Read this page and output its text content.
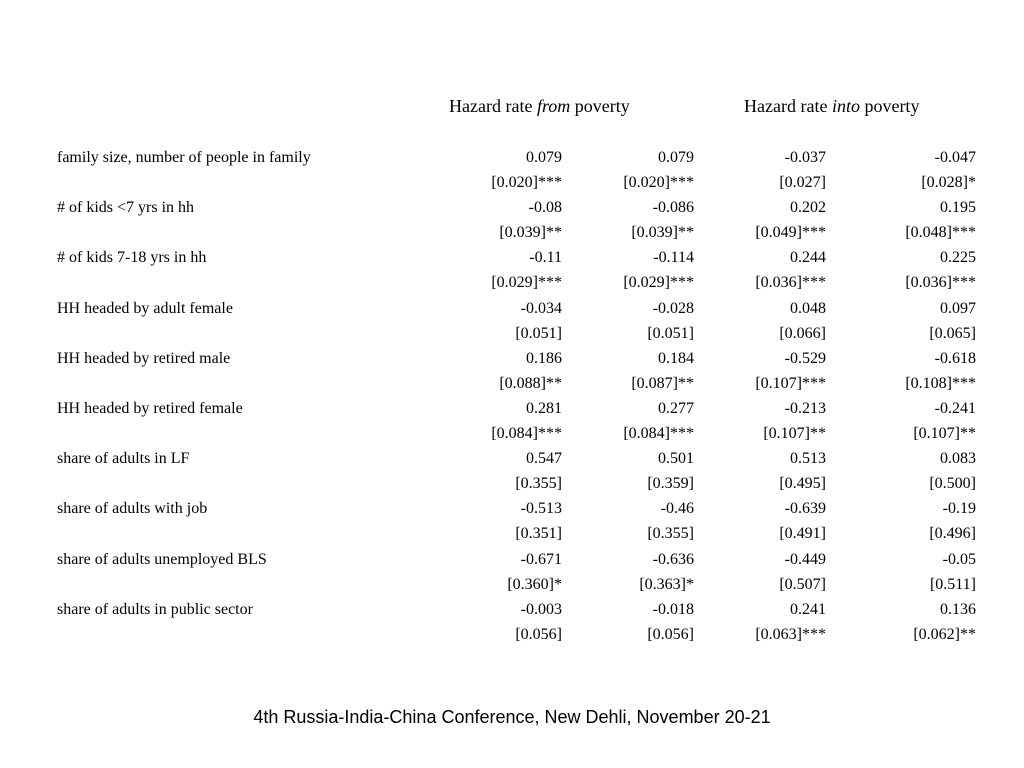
Hazard rate from poverty	Hazard rate into poverty
family size, number of people in family	0.079	0.079	-0.037	-0.047
[0.020]***	[0.020]***	[0.027]	[0.028]*
# of kids <7 yrs in hh	-0.08	-0.086	0.202	0.195
[0.039]**	[0.039]**	[0.049]***	[0.048]***
# of kids 7-18 yrs in hh	-0.11	-0.114	0.244	0.225
[0.029]***	[0.029]***	[0.036]***	[0.036]***
HH headed by adult female	-0.034	-0.028	0.048	0.097
[0.051]	[0.051]	[0.066]	[0.065]
HH headed by retired male	0.186	0.184	-0.529	-0.618
[0.088]**	[0.087]**	[0.107]***	[0.108]***
HH headed by retired female	0.281	0.277	-0.213	-0.241
[0.084]***	[0.084]***	[0.107]**	[0.107]**
share of adults in LF	0.547	0.501	0.513	0.083
[0.355]	[0.359]	[0.495]	[0.500]
share of adults with job	-0.513	-0.46	-0.639	-0.19
[0.351]	[0.355]	[0.491]	[0.496]
share of adults unemployed BLS	-0.671	-0.636	-0.449	-0.05
[0.360]*	[0.363]*	[0.507]	[0.511]
share of adults in public sector	-0.003	-0.018	0.241	0.136
[0.056]	[0.056]	[0.063]***	[0.062]**
4th Russia-India-China Conference, New Dehli, November 20-21
